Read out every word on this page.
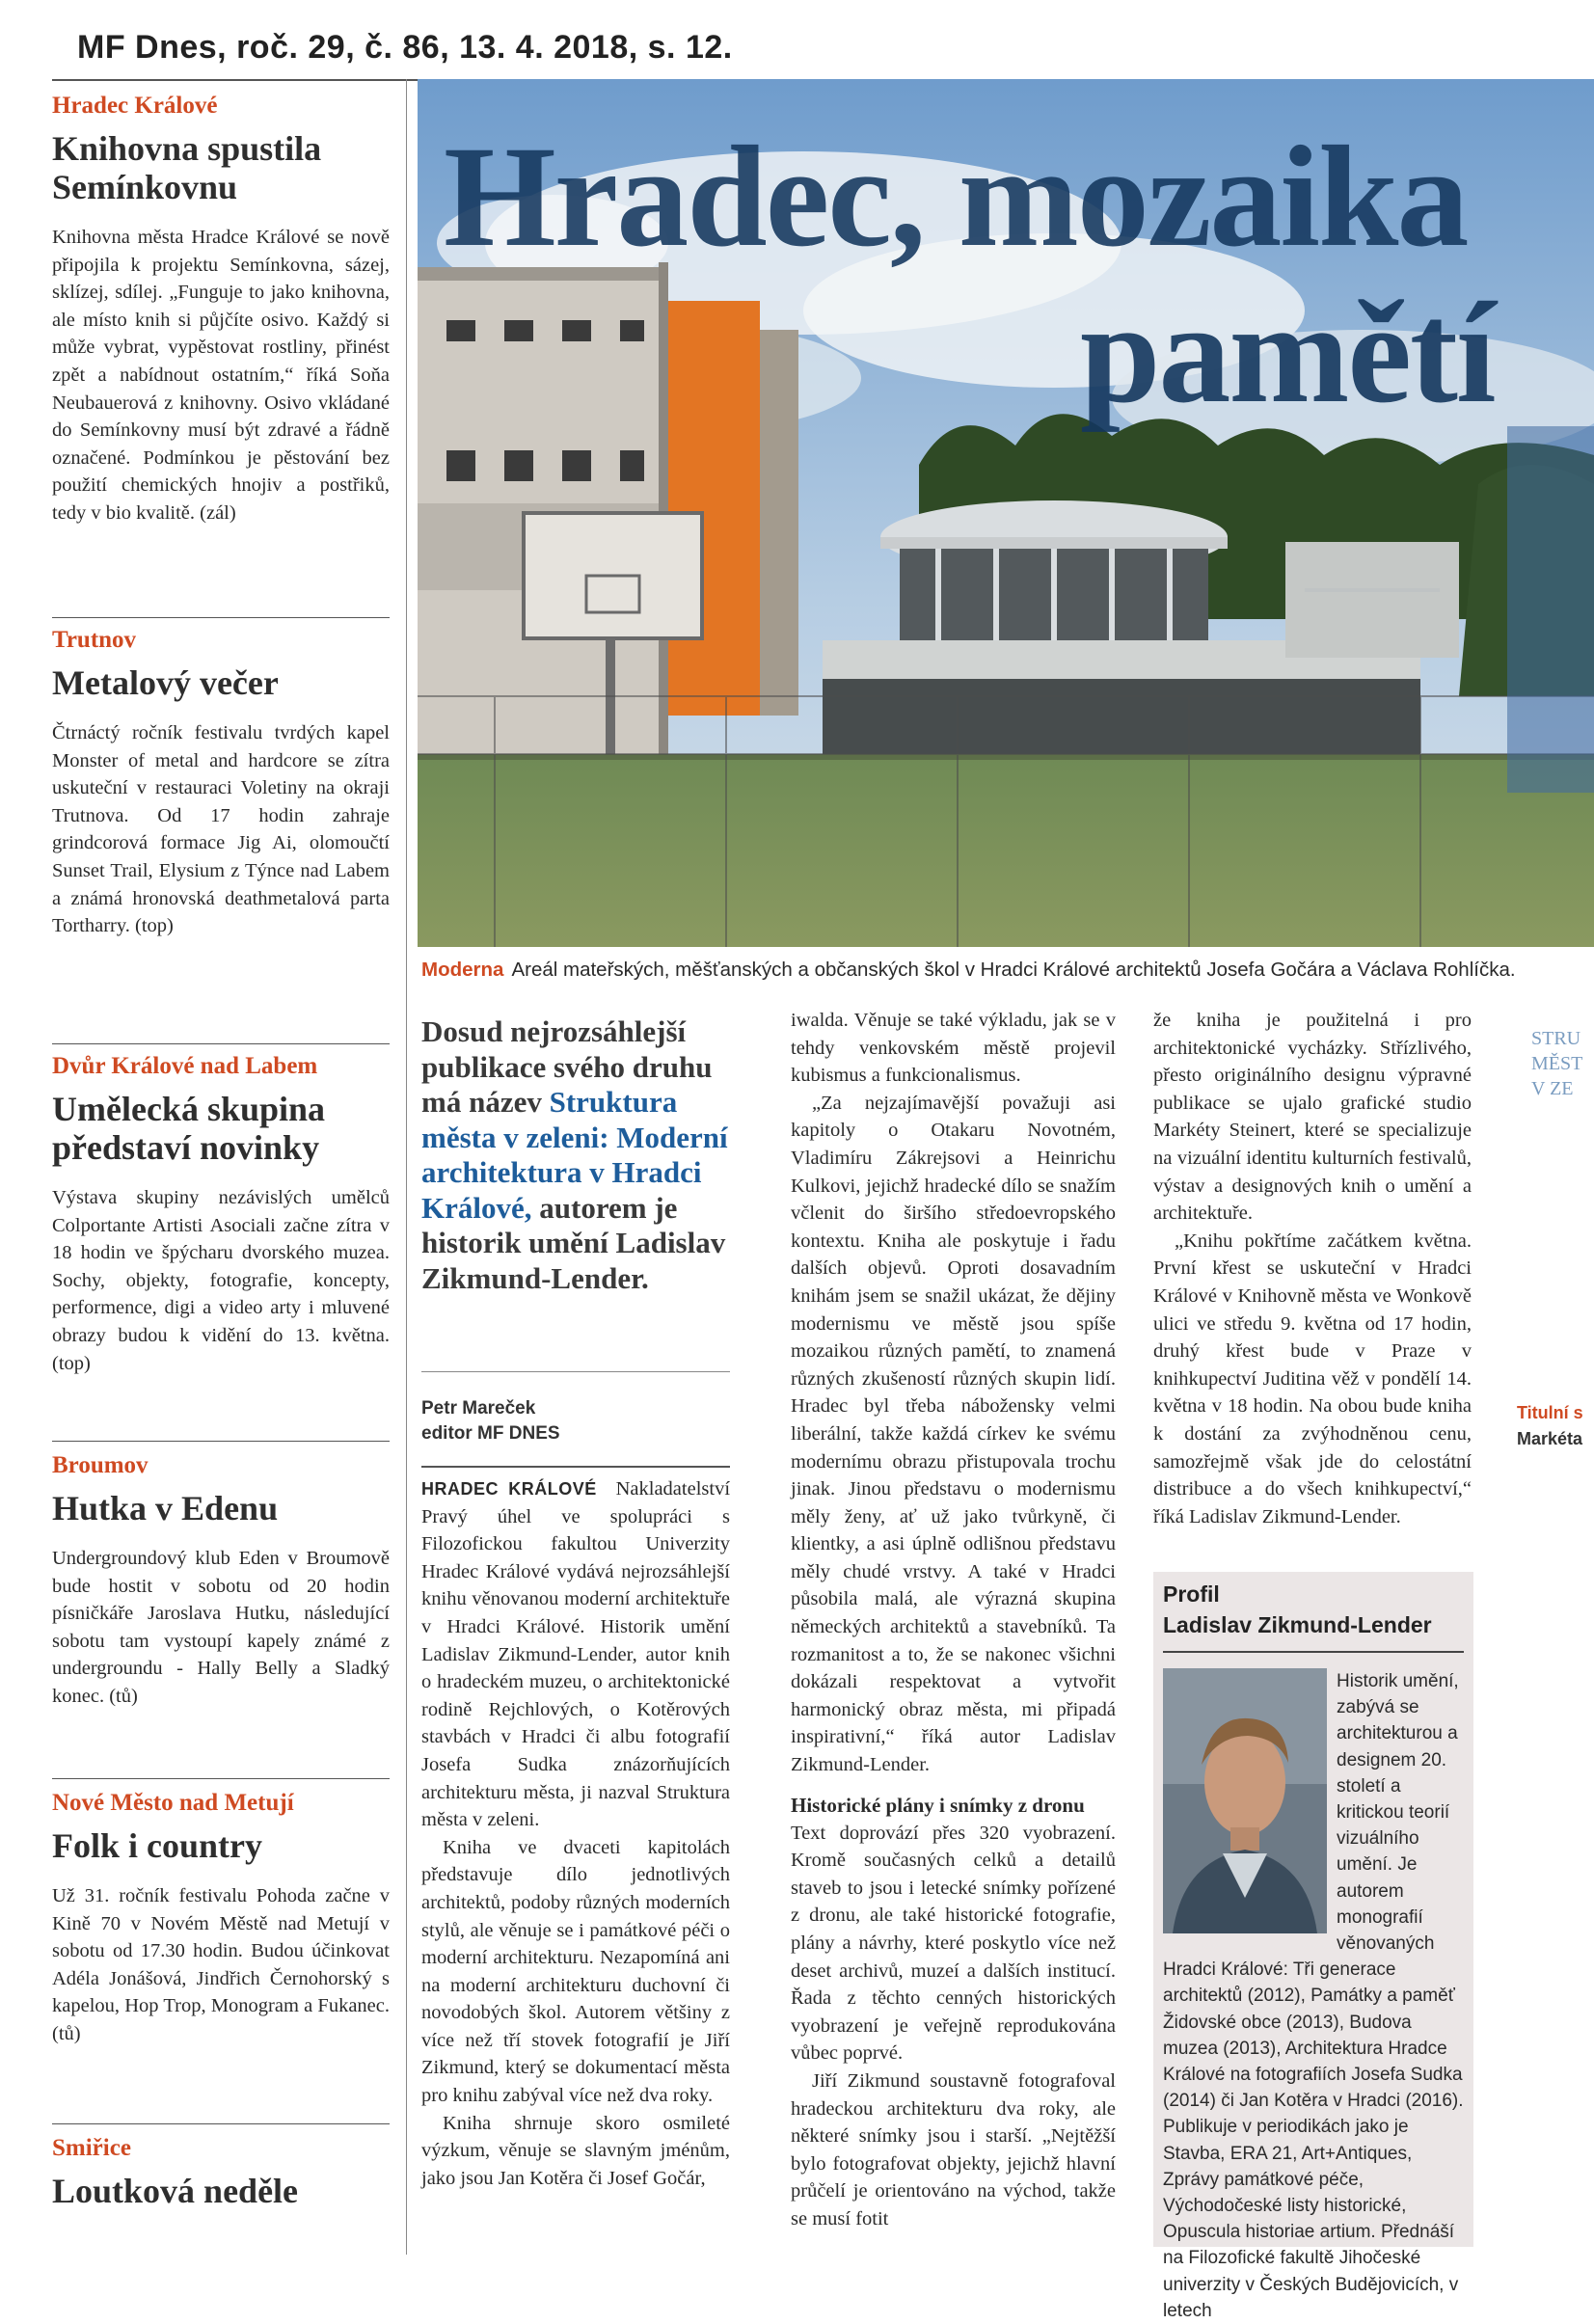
MF Dnes, roč. 29, č. 86, 13. 4. 2018, s. 12.
Hradec Králové
Knihovna spustila Semínkovnu

Knihovna města Hradce Králové se nově připojila k projektu Semínkovna, sázej, sklízej, sdílej. „Funguje to jako knihovna, ale místo knih si půjčíte osivo. Každý si může vybrat, vypěstovat rostliny, přinést zpět a nabídnout ostatním,“ říká Soňa Neubauerová z knihovny. Osivo vkládané do Semínkovny musí být zdravé a řádně označené. Podmínkou je pěstování bez použití chemických hnojiv a postřiků, tedy v bio kvalitě. (zál)

Trutnov
Metalový večer

Čtrnáctý ročník festivalu tvrdých kapel Monster of metal and hardcore se zítra uskuteční v restauraci Voletiny na okraji Trutnova. Od 17 hodin zahraje grindcorová formace Jig Ai, olomoučtí Sunset Trail, Elysium z Týnce nad Labem a známá hronovská deathmetalová parta Tortharry. (top)

Dvůr Králové nad Labem
Umělecká skupina představí novinky

Výstava skupiny nezávislých umělců Colportante Artisti Asociali začne zítra v 18 hodin ve špýcharu dvorského muzea. Sochy, objekty, fotografie, koncepty, performence, digi a video arty i mluvené obrazy budou k vidění do 13. května. (top)

Broumov
Hutka v Edenu

Undergroundový klub Eden v Broumově bude hostit v sobotu od 20 hodin písničkáře Jaroslava Hutku, následující sobotu tam vystoupí kapely známé z undergroundu - Hally Belly a Sladký konec. (tů)

Nové Město nad Metují
Folk i country

Už 31. ročník festivalu Pohoda začne v Kině 70 v Novém Městě nad Metují v sobotu od 17.30 hodin. Budou účinkovat Adéla Jonášová, Jindřich Černohorský s kapelou, Hop Trop, Monogram a Fukanec. (tů)

Smiřice
Loutková neděle
Hradec, mozaika
pamětí
Moderna Areál mateřských, měšťanských a občanských škol v Hradci Králové architektů Josefa Gočára a Václava Rohlíčka.
Dosud nejrozsáhlejší publikace svého druhu má název Struktura města v zeleni: Moderní architektura v Hradci Králové, autorem je historik umění Ladislav Zikmund-Lender.
Petr Mareček
editor MF DNES

HRADEC KRÁLOVÉ Nakladatelství Pravý úhel ve spolupráci s Filozofickou fakultou Univerzity Hradec Králové vydává nejrozsáhlejší knihu věnovanou moderní architektuře v Hradci Králové. Historik umění Ladislav Zikmund-Lender, autor knih o hradeckém muzeu, o architektonické rodině Rejchlových, o Kotěrových stavbách v Hradci či albu fotografií Josefa Sudka znázorňujících architekturu města, ji nazval Struktura města v zeleni.

Kniha ve dvaceti kapitolách představuje dílo jednotlivých architektů, podoby různých moderních stylů, ale věnuje se i památkové péči o moderní architekturu. Nezapomíná ani na moderní architekturu duchovní či novodobých škol. Autorem většiny z více než tří stovek fotografií je Jiří Zikmund, který se dokumentací města pro knihu zabýval více než dva roky.

Kniha shrnuje skoro osmileté výzkum, věnuje se slavným jménům, jako jsou Jan Kotěra či Josef Gočár,

iwalda. Věnuje se také výkladu, jak se v tehdy venkovském městě projevil kubismus a funkcionalismus.

„Za nejzajímavější považuji asi kapitoly o Otakaru Novotném, Vladimíru Zákrejsovi a Heinrichu Kulkovi, jejichž hradecké dílo se snažím včlenit do širšího středoevropského kontextu. Kniha ale poskytuje i řadu dalších objevů. Oproti dosavadním knihám jsem se snažil ukázat, že dějiny modernismu ve městě jsou spíše mozaikou různých pamětí, to znamená různých zkušeností různých skupin lidí. Hradec byl třeba nábožensky velmi liberální, takže každá církev ke svému modernímu obrazu přistupovala trochu jinak. Jinou představu o modernismu měly ženy, ať už jako tvůrkyně, či klientky, a asi úplně odlišnou představu měly chudé vrstvy. A také v Hradci působila malá, ale výrazná skupina německých architektů a stavebníků. Ta rozmanitost a to, že se nakonec všichni dokázali respektovat a vytvořit harmonický obraz města, mi připadá inspirativní,“ říká autor Ladislav Zikmund-Lender.

Historické plány i snímky z dronu

Text doprovází přes 320 vyobrazení. Kromě současných celků a detailů staveb to jsou i letecké snímky pořízené z dronu, ale také historické fotografie, plány a návrhy, které poskytlo více než deset archivů, muzeí a dalších institucí. Řada z těchto cenných historických vyobrazení je veřejně reprodukována vůbec poprvé.

Jiří Zikmund soustavně fotografoval hradeckou architekturu dva roky, ale některé snímky jsou i starší. „Nejtěžší bylo fotografovat objekty, jejichž hlavní průčelí je orientováno na východ, takže se musí fotit

že kniha je použitelná i pro architektonické vycházky. Střízlivého, přesto originálního designu výpravné publikace se ujalo grafické studio Markéty Steinert, které se specializuje na vizuální identitu kulturních festivalů, výstav a designových knih o umění a architektuře.

„Knihu pokřtíme začátkem května. První křest se uskuteční v Hradci Králové v Knihovně města ve Wonkově ulici ve středu 9. května od 17 hodin, druhý křest bude v Praze v knihkupectví Juditina věž v pondělí 14. května v 18 hodin. Na obou bude kniha k dostání za zvýhodněnou cenu, samozřejmě však jde do celostátní distribuce a do všech knihkupectví,“ říká Ladislav Zikmund-Lender.

Profil
Ladislav Zikmund-Lender
Historik umění, zabývá se architekturou a designem 20. století a kritickou teorií vizuálního umění. Je autorem monografií věnovaných Hradci Králové: Tři generace architektů (2012), Památky a paměť Židovské obce (2013), Budova muzea (2013), Architektura Hradce Králové na fotografiích Josefa Sudka (2014) či Jan Kotěra v Hradci (2016). Publikuje v periodikách jako je Stavba, ERA 21, Art+Antiques, Zprávy památkové péče, Východočeské listy historické, Opuscula historiae artium. Přednáší na Filozofické fakultě Jihočeské univerzity v Českých Budějovicích, v letech
STRU
MĚST
V ZE
Titulní s
Markéta
